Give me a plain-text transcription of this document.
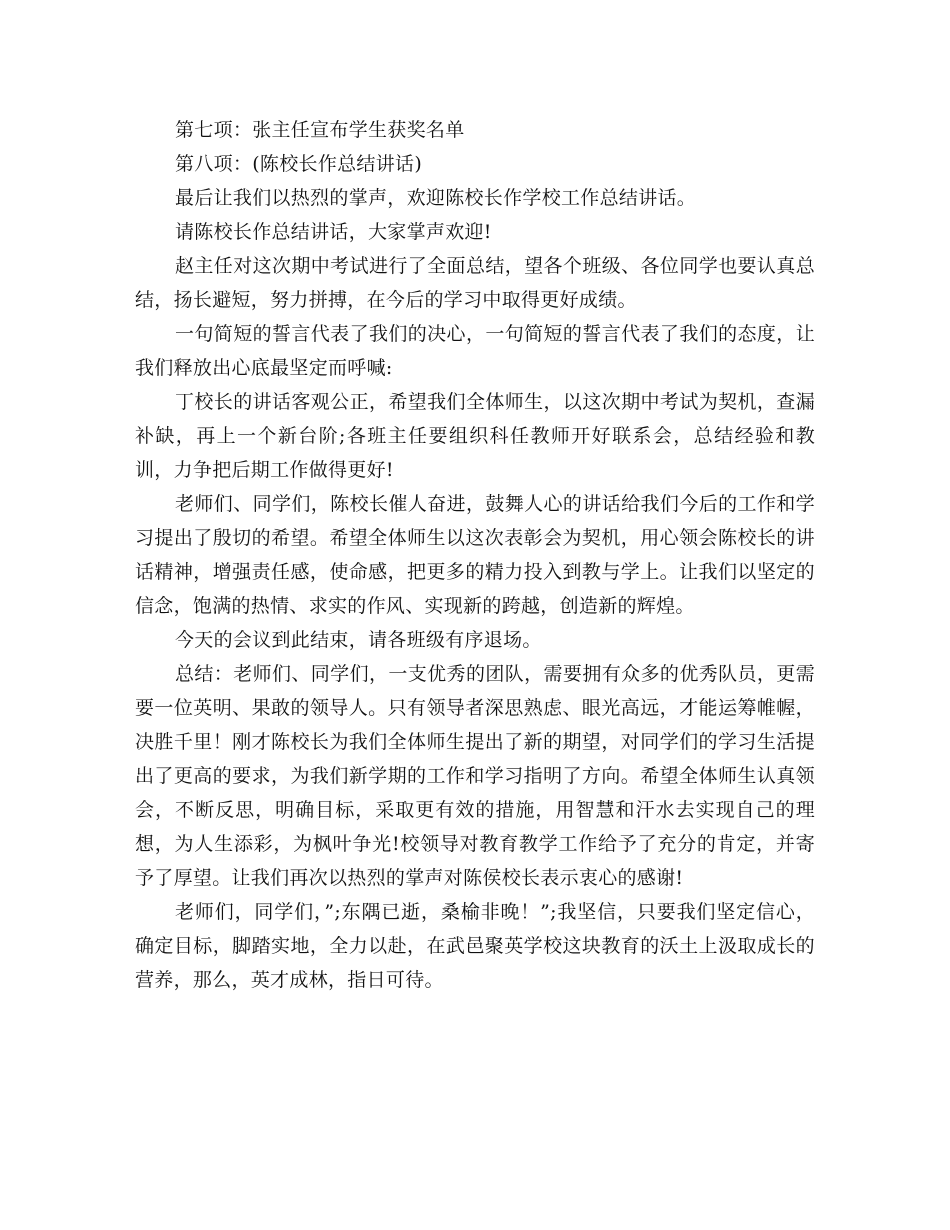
第七项：张主任宣布学生获奖名单

第八项：(陈校长作总结讲话)

最后让我们以热烈的掌声，欢迎陈校长作学校工作总结讲话。

请陈校长作总结讲话，大家掌声欢迎!

赵主任对这次期中考试进行了全面总结，望各个班级、各位同学也要认真总结，扬长避短，努力拼搏，在今后的学习中取得更好成绩。

一句简短的誓言代表了我们的决心，一句简短的誓言代表了我们的态度，让我们释放出心底最坚定而呼喊:

丁校长的讲话客观公正，希望我们全体师生，以这次期中考试为契机，查漏补缺，再上一个新台阶;各班主任要组织科任教师开好联系会，总结经验和教训，力争把后期工作做得更好!

老师们、同学们，陈校长催人奋进，鼓舞人心的讲话给我们今后的工作和学习提出了殷切的希望。希望全体师生以这次表彰会为契机，用心领会陈校长的讲话精神，增强责任感，使命感，把更多的精力投入到教与学上。让我们以坚定的信念，饱满的热情、求实的作风、实现新的跨越，创造新的辉煌。

今天的会议到此结束，请各班级有序退场。

总结：老师们、同学们，一支优秀的团队，需要拥有众多的优秀队员，更需要一位英明、果敢的领导人。只有领导者深思熟虑、眼光高远，才能运筹帷幄，决胜千里！刚才陈校长为我们全体师生提出了新的期望，对同学们的学习生活提出了更高的要求，为我们新学期的工作和学习指明了方向。希望全体师生认真领会，不断反思，明确目标，采取更有效的措施，用智慧和汗水去实现自己的理想，为人生添彩，为枫叶争光!校领导对教育教学工作给予了充分的肯定，并寄予了厚望。让我们再次以热烈的掌声对陈侯校长表示衷心的感谢!

老师们，同学们，”;东隅已逝，桑榆非晚！”;我坚信，只要我们坚定信心，确定目标，脚踏实地，全力以赴，在武邑聚英学校这块教育的沃土上汲取成长的营养，那么，英才成林，指日可待。
